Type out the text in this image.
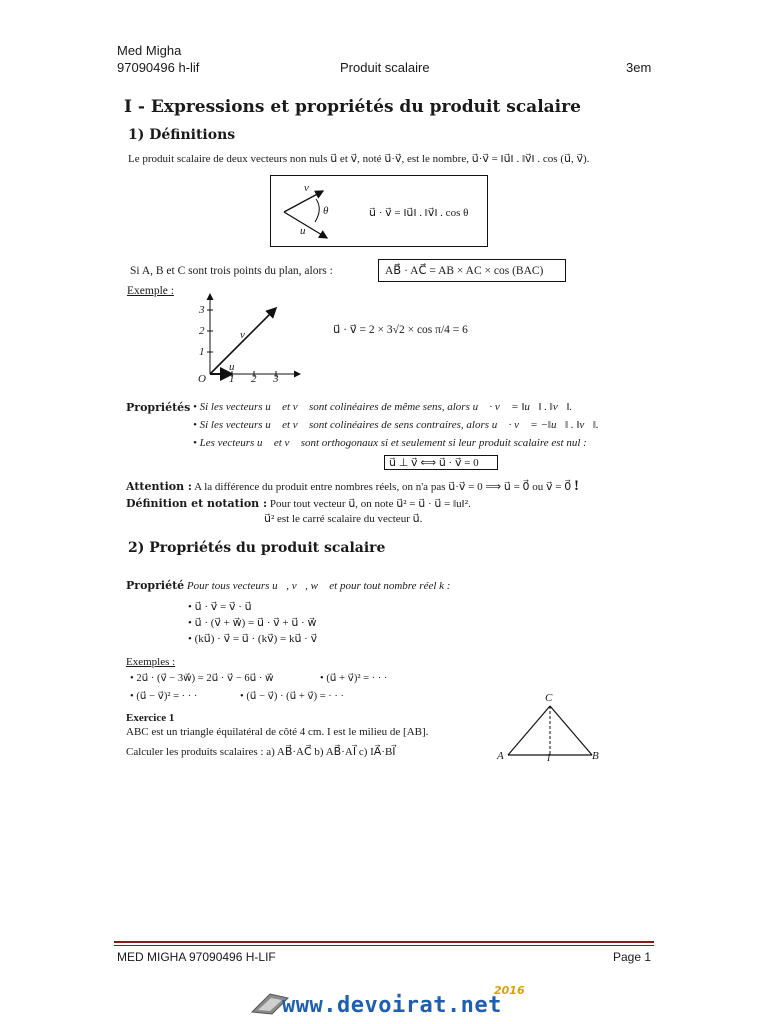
Med Migha
97090496 h-lif	Produit scalaire	3em
I - Expressions et propriétés du produit scalaire
1) Définitions
Le produit scalaire de deux vecteurs non nuls u⃗ et v⃗, noté u⃗·v⃗, est le nombre, u⃗·v⃗ = ‖u⃗‖ . ‖v⃗‖ . cos (u⃗, v⃗).
v⃗
u⃗
θ	u⃗ · v⃗ = ‖u⃗‖ . ‖v⃗‖ . cos θ
Si A, B et C sont trois points du plan, alors :	AB⃗ · AC⃗ = AB × AC × cos (BAC)
Exemple :
3
2
1
1 2 3
O
v⃗
u⃗
u⃗ · v⃗ = 2 × 3√2 × cos π/4 = 6
Propriétés • Si les vecteurs u⃗ et v⃗ sont colinéaires de même sens, alors u⃗ · v⃗ = ‖u⃗‖ . ‖v⃗‖.
• Si les vecteurs u⃗ et v⃗ sont colinéaires de sens contraires, alors u⃗ · v⃗ = −‖u⃗‖ . ‖v⃗‖.
• Les vecteurs u⃗ et v⃗ sont orthogonaux si et seulement si leur produit scalaire est nul :
u⃗ ⊥ v⃗ ⟺ u⃗ · v⃗ = 0
Attention : A la différence du produit entre nombres réels, on n'a pas u⃗·v⃗ = 0 ⟹ u⃗ = 0⃗ ou v⃗ = 0⃗ !
Définition et notation : Pour tout vecteur u⃗, on note u⃗² = u⃗ · u⃗ = ‖u‖².
u⃗² est le carré scalaire du vecteur u⃗.
2) Propriétés du produit scalaire
Propriété Pour tous vecteurs u⃗, v⃗, w⃗ et pour tout nombre réel k :
• u⃗ · v⃗ = v⃗ · u⃗
• u⃗ · (v⃗ + w⃗) = u⃗ · v⃗ + u⃗ · w⃗
• (ku⃗) · v⃗ = u⃗ · (kv⃗) = ku⃗ · v⃗
Exemples :
• 2u⃗ · (v⃗ − 3w⃗) = 2u⃗ · v⃗ − 6u⃗ · w⃗	• (u⃗ + v⃗)² = · · ·
• (u⃗ − v⃗)² = · · ·	• (u⃗ − v⃗) · (u⃗ + v⃗) = · · ·
Exercice 1
ABC est un triangle équilatéral de côté 4 cm. I est le milieu de [AB].
Calculer les produits scalaires : a) AB⃗·AC⃗ b) AB⃗·AI⃗ c) IA⃗·BI⃗
C
A	B
I
MED MIGHA 97090496 H-LIF	Page 1
www.devoirat.net
2016
